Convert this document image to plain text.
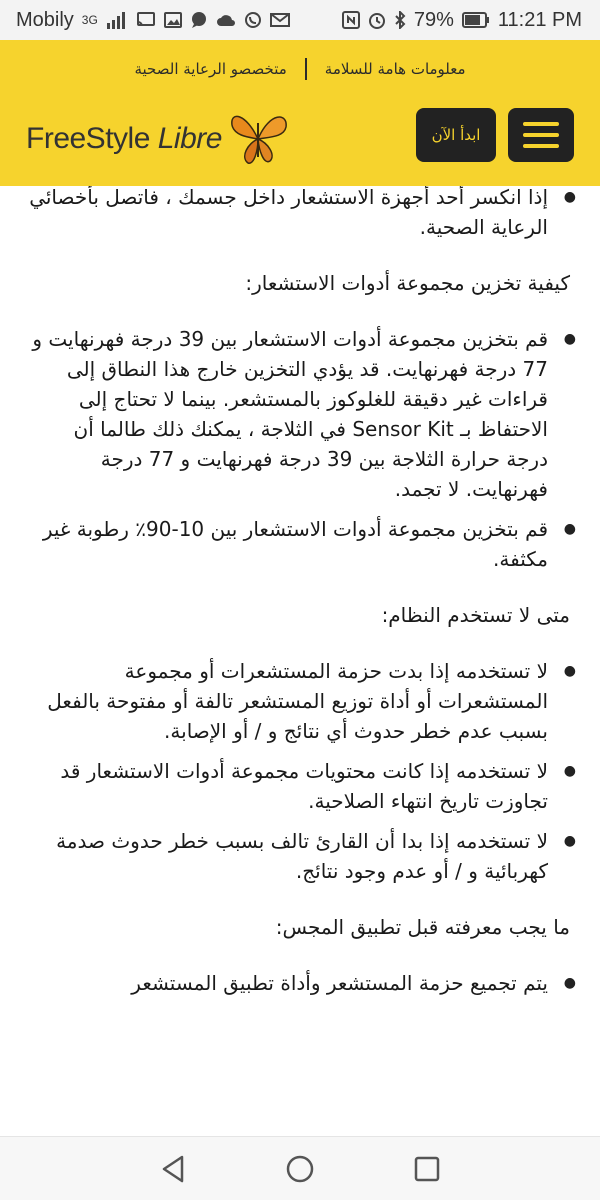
Mobily 3G	79% 11:21 PM
معلومات هامة للسلامة
متخصصو الرعاية الصحية
FreeStyle Libre	ابدأ الآن
● إذا انكسر أحد أجهزة الاستشعار داخل جسمك ، فاتصل بأخصائي الرعاية الصحية.

كيفية تخزين مجموعة أدوات الاستشعار:

● قم بتخزين مجموعة أدوات الاستشعار بين 39 درجة فهرنهايت و 77 درجة فهرنهايت. قد يؤدي التخزين خارج هذا النطاق إلى قراءات غير دقيقة للغلوكوز بالمستشعر. بينما لا تحتاج إلى الاحتفاظ بـ Sensor Kit في الثلاجة ، يمكنك ذلك طالما أن درجة حرارة الثلاجة بين 39 درجة فهرنهايت و 77 درجة فهرنهايت. لا تجمد.
● قم بتخزين مجموعة أدوات الاستشعار بين 10-90٪ رطوبة غير مكثفة.

متى لا تستخدم النظام:

● لا تستخدمه إذا بدت حزمة المستشعرات أو مجموعة المستشعرات أو أداة توزيع المستشعر تالفة أو مفتوحة بالفعل بسبب عدم خطر حدوث أي نتائج و / أو الإصابة.
● لا تستخدمه إذا كانت محتويات مجموعة أدوات الاستشعار قد تجاوزت تاريخ انتهاء الصلاحية.
● لا تستخدمه إذا بدا أن القارئ تالف بسبب خطر حدوث صدمة كهربائية و / أو عدم وجود نتائج.

ما يجب معرفته قبل تطبيق المجس:

● يتم تجميع حزمة المستشعر وأداة تطبيق المستشعر
